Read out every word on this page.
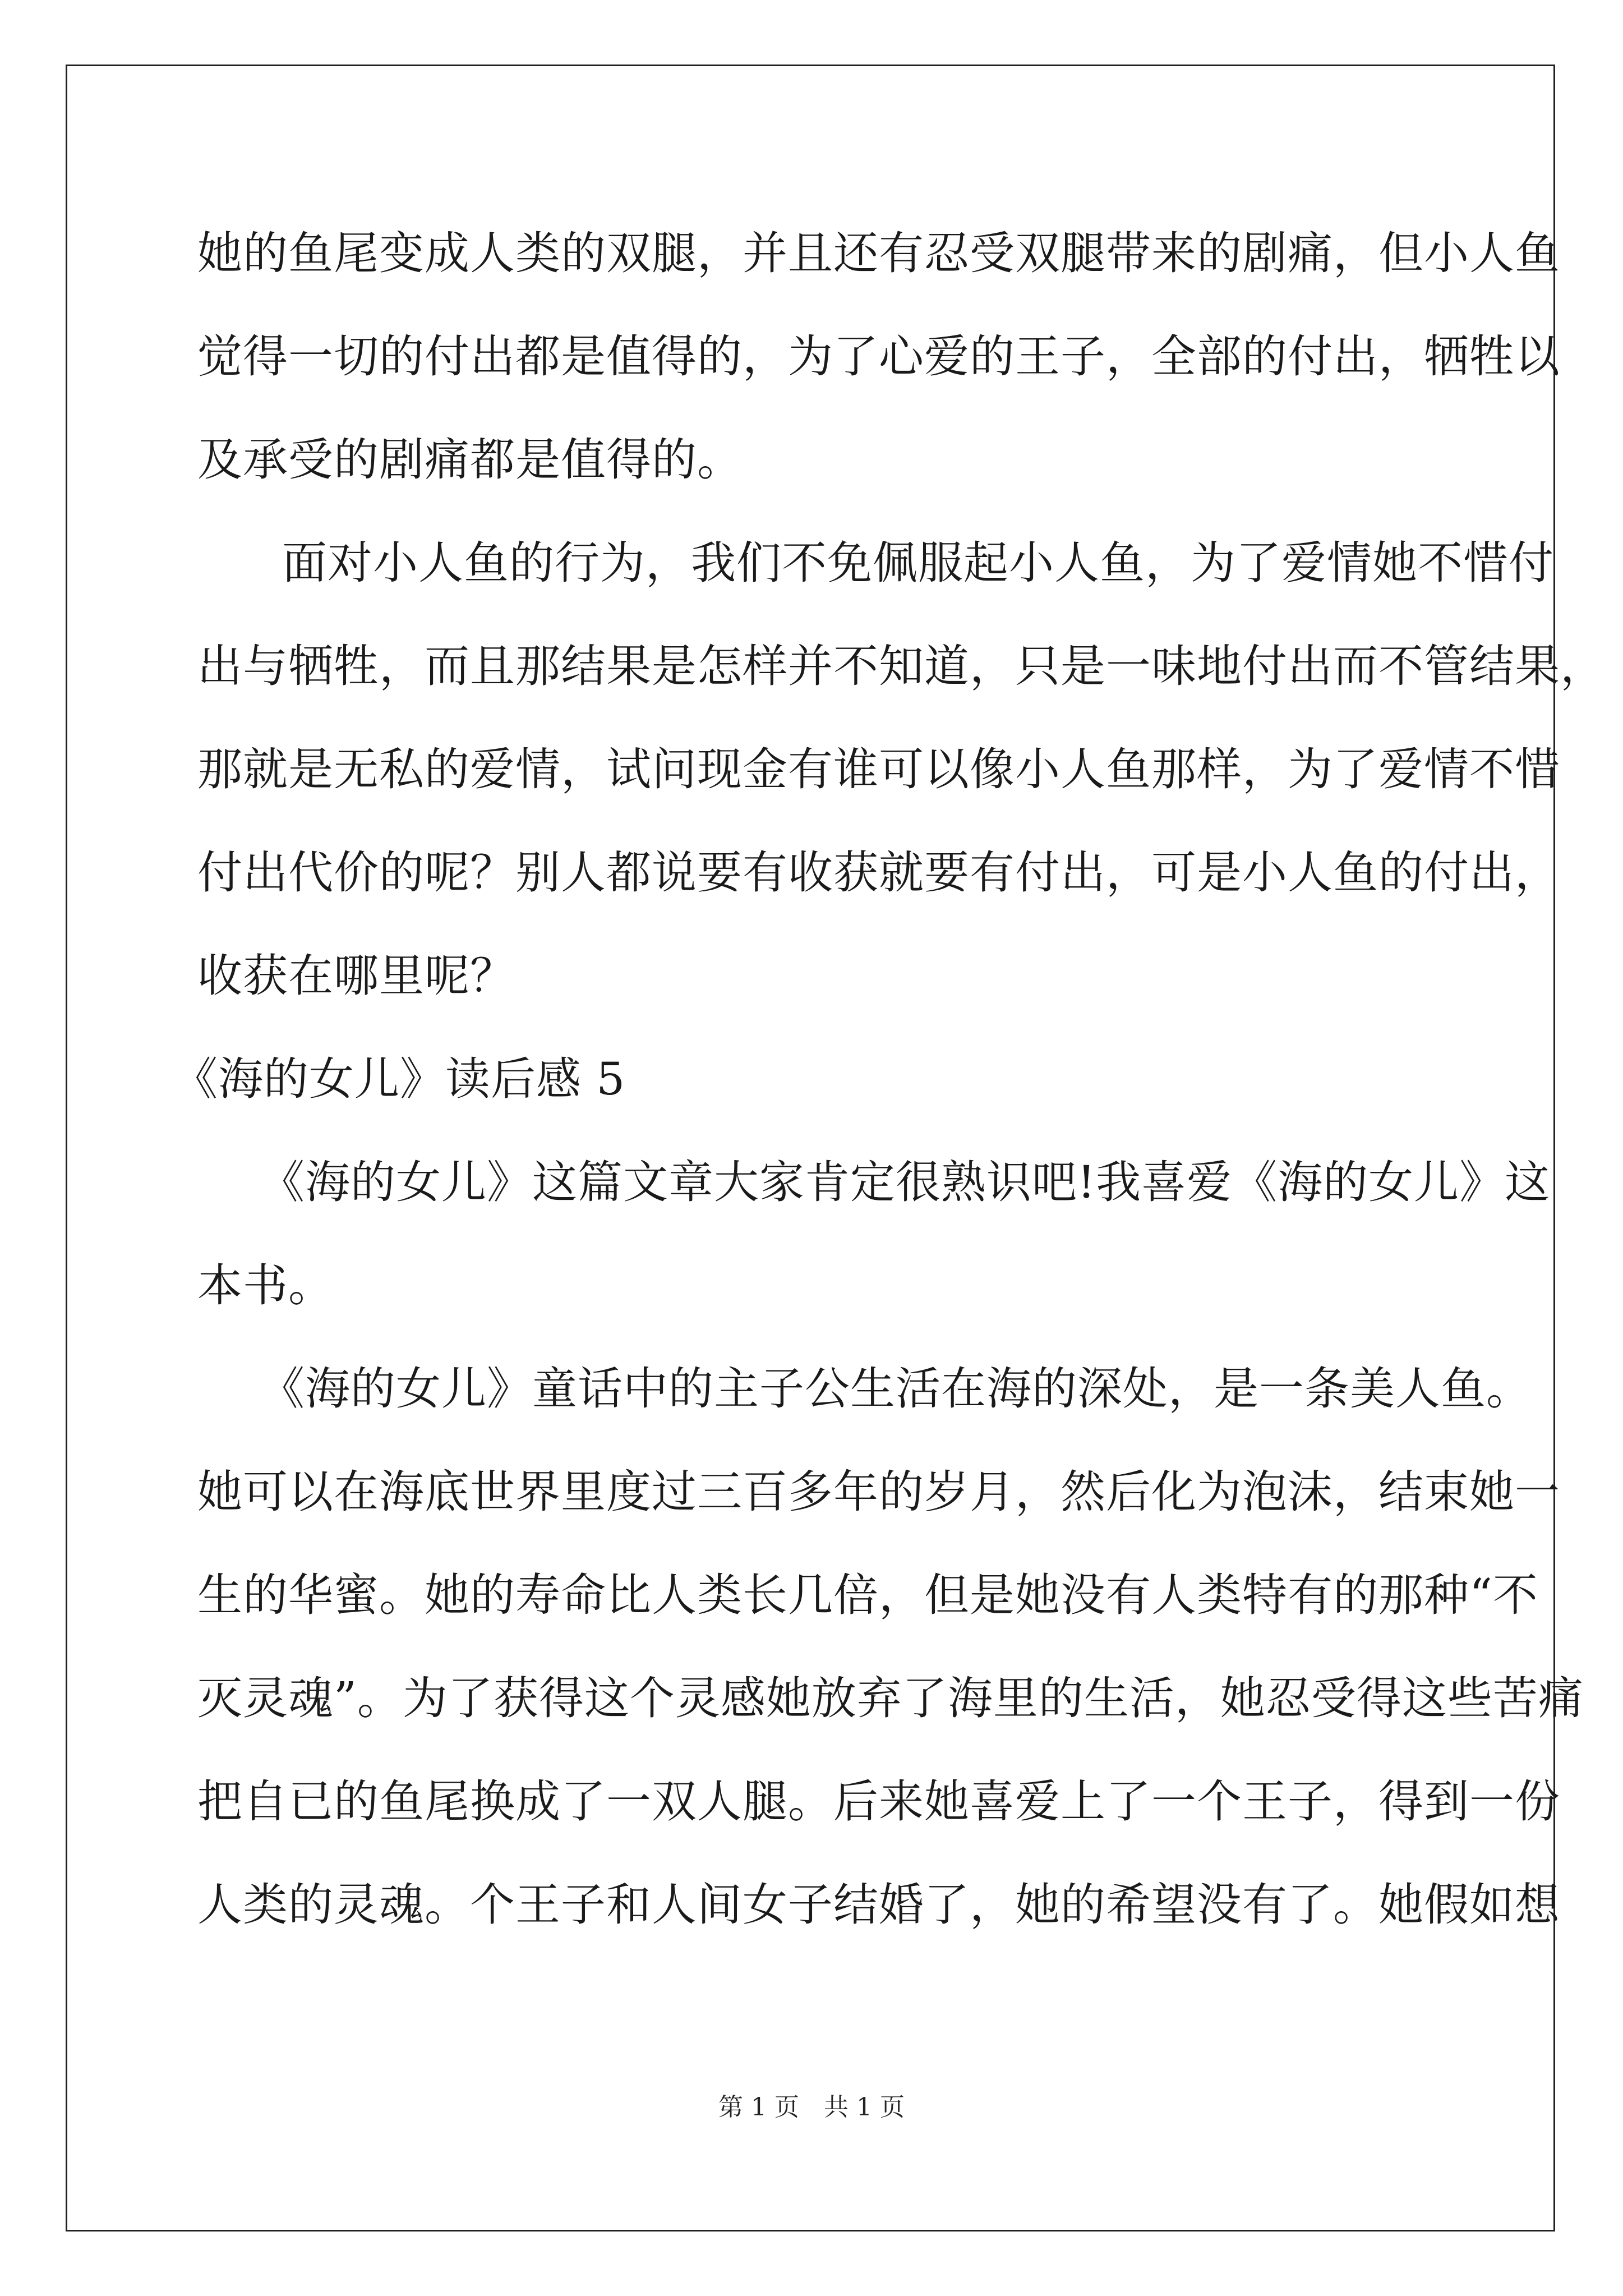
她的鱼尾变成人类的双腿，并且还有忍受双腿带来的剧痛，但小人鱼

觉得一切的付出都是值得的，为了心爱的王子，全部的付出，牺牲以

及承受的剧痛都是值得的。

　面对小人鱼的行为，我们不免佩服起小人鱼，为了爱情她不惜付

出与牺牲，而且那结果是怎样并不知道，只是一味地付出而不管结果，

那就是无私的爱情，试问现金有谁可以像小人鱼那样，为了爱情不惜

付出代价的呢？别人都说要有收获就要有付出，可是小人鱼的付出，

收获在哪里呢？

《海的女儿》读后感 5

　《海的女儿》这篇文章大家肯定很熟识吧!我喜爱《海的女儿》这

本书。

　《海的女儿》童话中的主子公生活在海的深处，是一条美人鱼。

她可以在海底世界里度过三百多年的岁月，然后化为泡沫，结束她一

生的华蜜。她的寿命比人类长几倍，但是她没有人类特有的那种“不

灭灵魂”。为了获得这个灵感她放弃了海里的生活，她忍受得这些苦痛

把自已的鱼尾换成了一双人腿。后来她喜爱上了一个王子，得到一份

人类的灵魂。个王子和人间女子结婚了，她的希望没有了。她假如想

第 1 页　共 1 页
